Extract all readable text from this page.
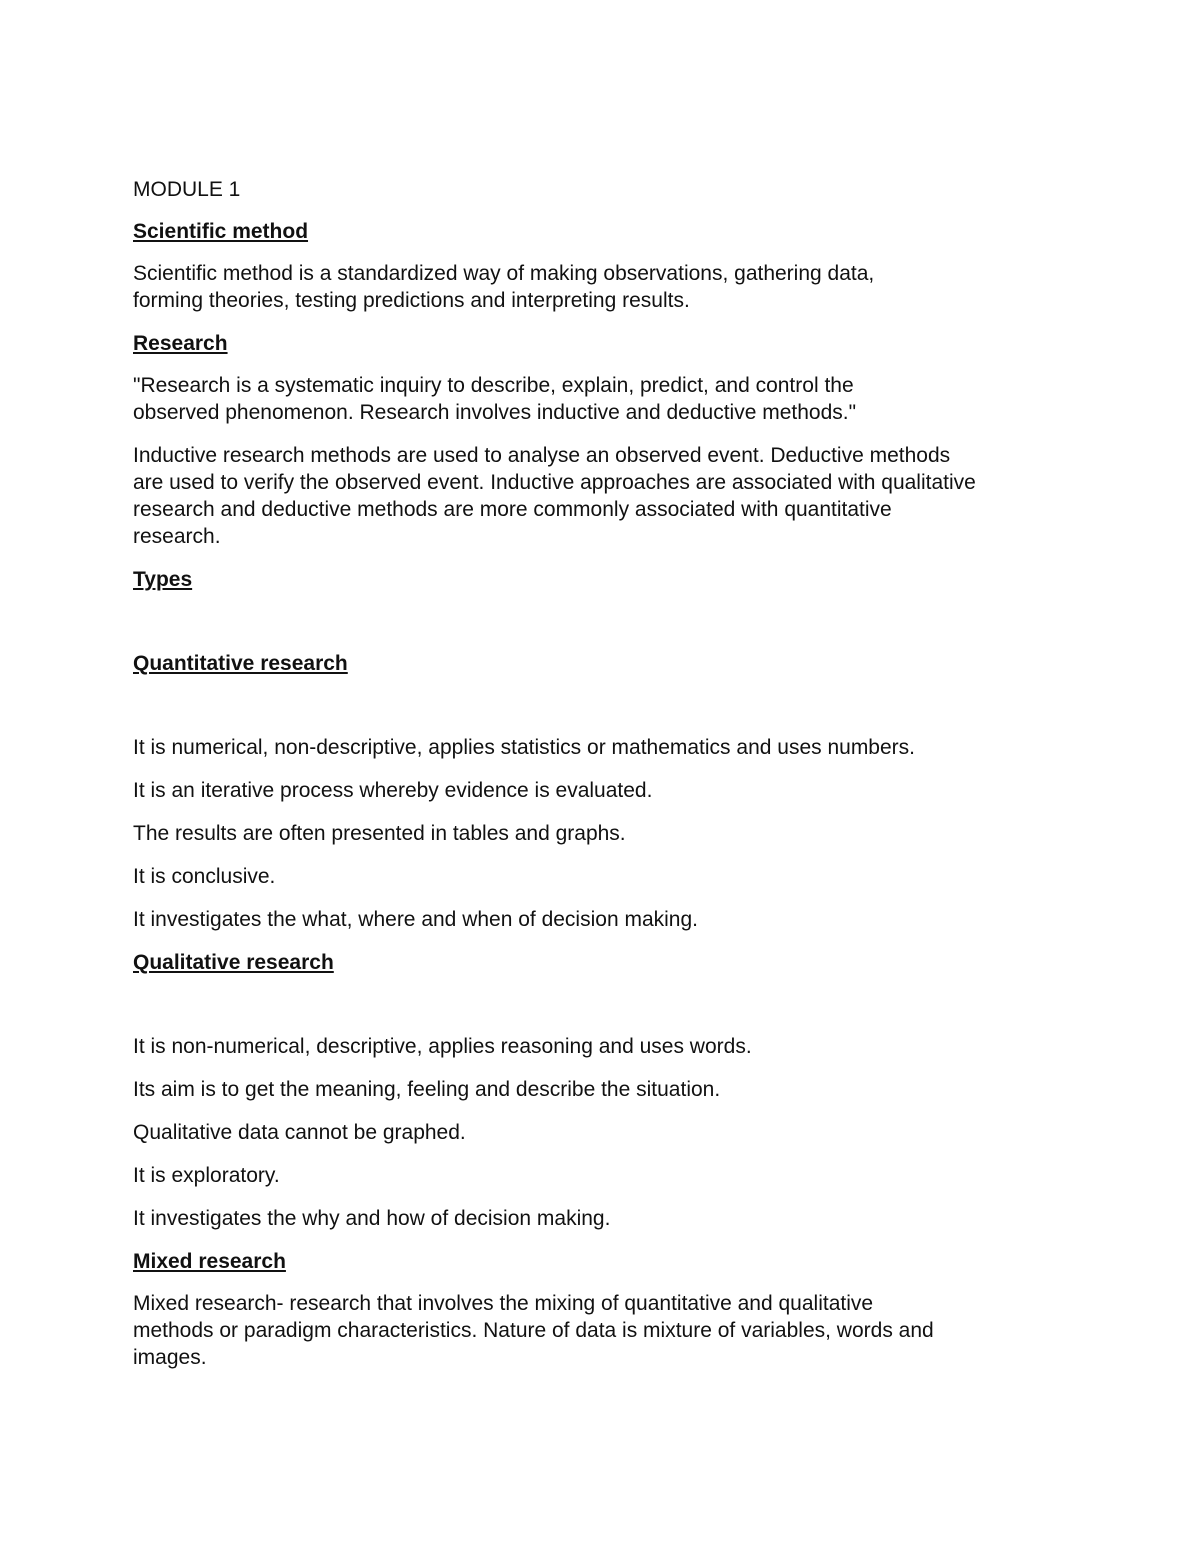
MODULE 1
Scientific method
Scientific method is a standardized way of making observations, gathering data, forming theories, testing predictions and interpreting results.
Research
"Research is a systematic inquiry to describe, explain, predict, and control the observed phenomenon. Research involves inductive and deductive methods."
Inductive research methods are used to analyse an observed event. Deductive methods are used to verify the observed event. Inductive approaches are associated with qualitative research and deductive methods are more commonly associated with quantitative research.
Types
Quantitative research
It is numerical, non-descriptive, applies statistics or mathematics and uses numbers.
It is an iterative process whereby evidence is evaluated.
The results are often presented in tables and graphs.
It is conclusive.
It investigates the what, where and when of decision making.
Qualitative research
It is non-numerical, descriptive, applies reasoning and uses words.
Its aim is to get the meaning, feeling and describe the situation.
Qualitative data cannot be graphed.
It is exploratory.
It investigates the why and how of decision making.
Mixed research
Mixed research- research that involves the mixing of quantitative and qualitative methods or paradigm characteristics. Nature of data is mixture of variables, words and images.
